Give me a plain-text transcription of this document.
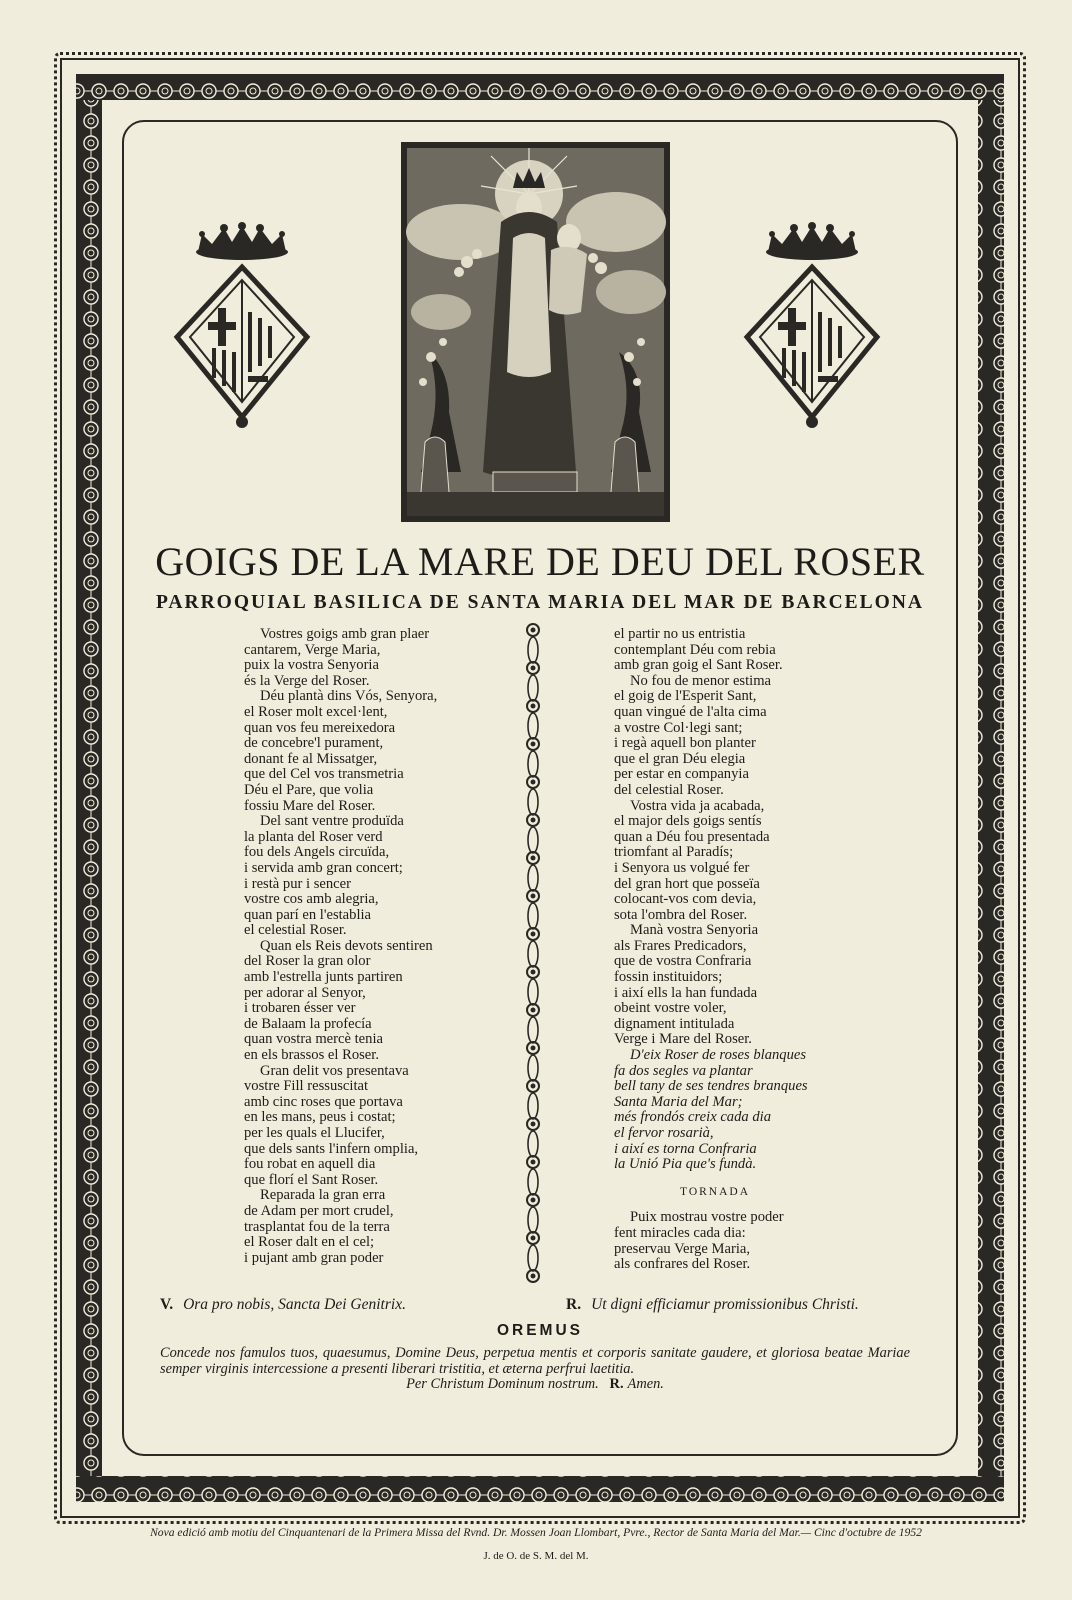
GOIGS DE LA MARE DE DEU DEL ROSER
PARROQUIAL BASILICA DE SANTA MARIA DEL MAR DE BARCELONA
Vostres goigs amb gran plaer
cantarem, Verge Maria,
puix la vostra Senyoria
és la Verge del Roser.
Déu plantà dins Vós, Senyora,
el Roser molt excel·lent,
quan vos feu mereixedora
de concebre'l purament,
donant fe al Missatger,
que del Cel vos transmetria
Déu el Pare, que volia
fossiu Mare del Roser.
Del sant ventre produïda
la planta del Roser verd
fou dels Angels circuïda,
i servida amb gran concert;
i restà pur i sencer
vostre cos amb alegria,
quan parí en l'establia
el celestial Roser.
Quan els Reis devots sentiren
del Roser la gran olor
amb l'estrella junts partiren
per adorar al Senyor,
i trobaren ésser ver
de Balaam la profecía
quan vostra mercè tenia
en els brassos el Roser.
Gran delit vos presentava
vostre Fill ressuscitat
amb cinc roses que portava
en les mans, peus i costat;
per les quals el Llucifer,
que dels sants l'infern omplia,
fou robat en aquell dia
que florí el Sant Roser.
Reparada la gran erra
de Adam per mort crudel,
trasplantat fou de la terra
el Roser dalt en el cel;
i pujant amb gran poder
el partir no us entristia
contemplant Déu com rebia
amb gran goig el Sant Roser.
No fou de menor estima
el goig de l'Esperit Sant,
quan vingué de l'alta cima
a vostre Col·legi sant;
i regà aquell bon planter
que el gran Déu elegia
per estar en companyia
del celestial Roser.
Vostra vida ja acabada,
el major dels goigs sentís
quan a Déu fou presentada
triomfant al Paradís;
i Senyora us volgué fer
del gran hort que posseïa
colocant-vos com devia,
sota l'ombra del Roser.
Manà vostra Senyoria
als Frares Predicadors,
que de vostra Confraria
fossin instituidors;
i així ells la han fundada
obeint vostre voler,
dignament intitulada
Verge i Mare del Roser.
D'eix Roser de roses blanques
fa dos segles va plantar
bell tany de ses tendres branques
Santa Maria del Mar;
més frondós creix cada dia
el fervor rosarià,
i així es torna Confraria
la Unió Pia que's fundà.
TORNADA
Puix mostrau vostre poder
fent miracles cada dia:
preservau Verge Maria,
als confrares del Roser.
V. Ora pro nobis, Sancta Dei Genitrix.	R. Ut digni efficiamur promissionibus Christi.
OREMUS
Concede nos famulos tuos, quaesumus, Domine Deus, perpetua mentis et corporis sanitate gaudere, et gloriosa beatae Mariae semper virginis intercessione a presenti liberari tristitia, et æterna perfrui laetitia.
Per Christum Dominum nostrum. R. Amen.
Nova edició amb motiu del Cinquantenari de la Primera Missa del Rvnd. Dr. Mossen Joan Llombart, Pvre., Rector de Santa Maria del Mar.— Cinc d'octubre de 1952
J. de O. de S. M. del M.
